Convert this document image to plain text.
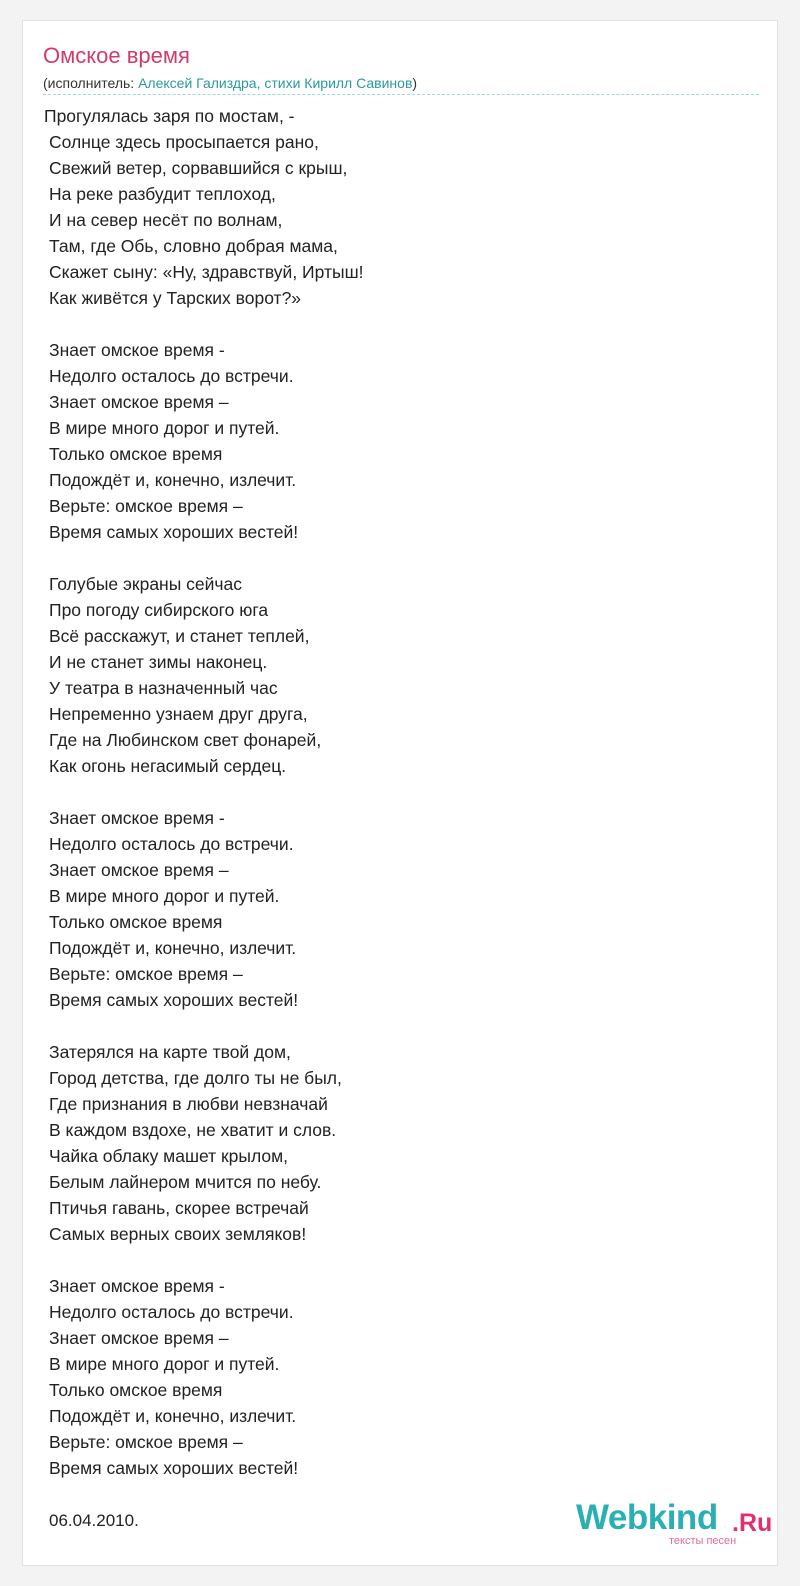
Омское время
(исполнитель: Алексей Гализдра, стихи Кирилл Савинов)
Прогулялась заря по мостам, -
Солнце здесь просыпается рано,
Свежий ветер, сорвавшийся с крыш,
На реке разбудит теплоход,
И на север несёт по волнам,
Там, где Обь, словно добрая мама,
Скажет сыну: «Ну, здравствуй, Иртыш!
Как живётся у Тарских ворот?»
Знает омское время -
Недолго осталось до встречи.
Знает омское время –
В мире много дорог и путей.
Только омское время
Подождёт и, конечно, излечит.
Верьте: омское время –
Время самых хороших вестей!
Голубые экраны сейчас
Про погоду сибирского юга
Всё расскажут, и станет теплей,
И не станет зимы наконец.
У театра в назначенный час
Непременно узнаем друг друга,
Где на Любинском свет фонарей,
Как огонь негасимый сердец.
Знает омское время -
Недолго осталось до встречи.
Знает омское время –
В мире много дорог и путей.
Только омское время
Подождёт и, конечно, излечит.
Верьте: омское время –
Время самых хороших вестей!
Затерялся на карте твой дом,
Город детства, где долго ты не был,
Где признания в любви невзначай
В каждом вздохе, не хватит и слов.
Чайка облаку машет крылом,
Белым лайнером мчится по небу.
Птичья гавань, скорее встречай
Самых верных своих земляков!
Знает омское время -
Недолго осталось до встречи.
Знает омское время –
В мире много дорог и путей.
Только омское время
Подождёт и, конечно, излечит.
Верьте: омское время –
Время самых хороших вестей!
06.04.2010.	Webkind .Ru
тексты песен
